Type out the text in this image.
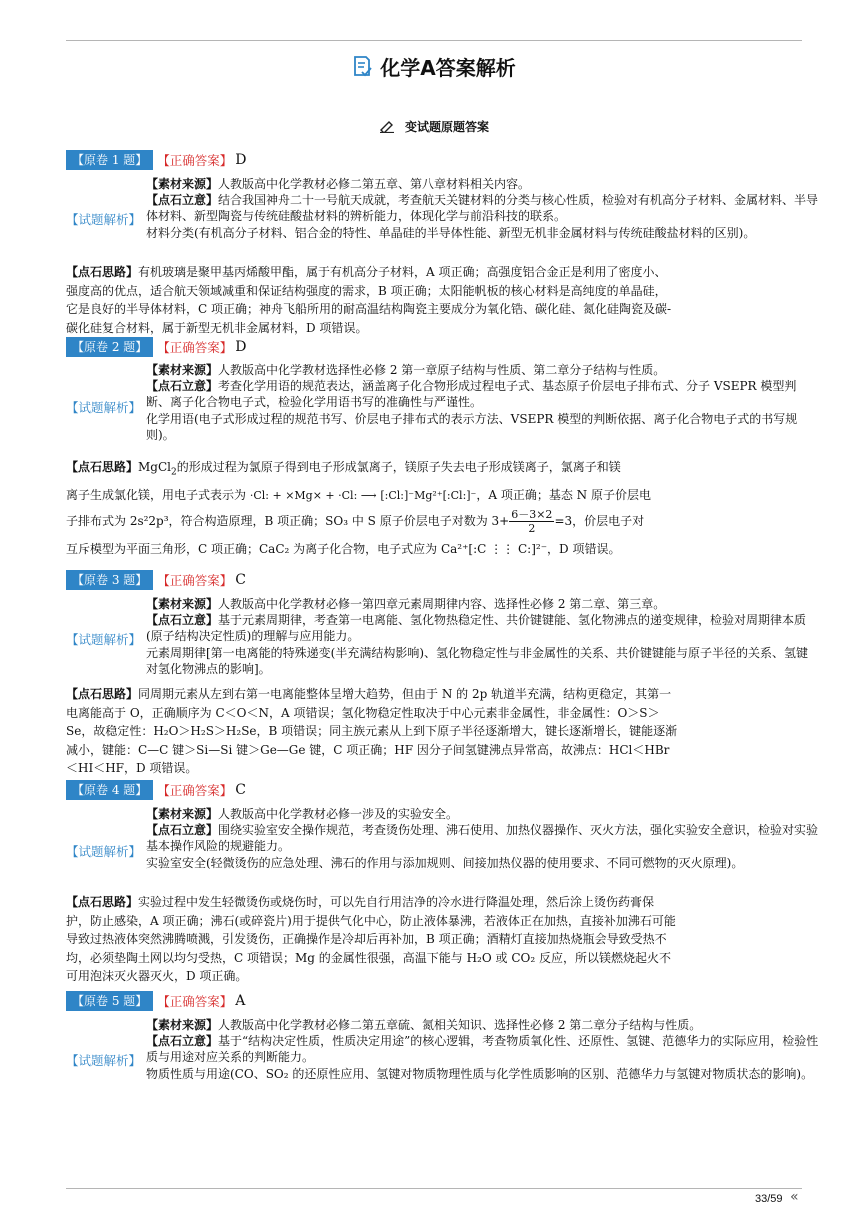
化学A答案解析
变试题原题答案
【原卷 1 题】 【正确答案】 D
【试题解析】

【素材来源】人教版高中化学教材必修二第五章、第八章材料相关内容。

【点石立意】结合我国神舟二十一号航天成就，考查航天关键材料的分类与核心性质，检验对有机高分子材料、金属材料、半导体材料、新型陶瓷与传统硅酸盐材料的辨析能力，体现化学与前沿科技的联系。

材料分类(有机高分子材料、铝合金的特性、单晶硅的半导体性能、新型无机非金属材料与传统硅酸盐材料的区别)。

【点石思路】有机玻璃是聚甲基丙烯酸甲酯，属于有机高分子材料，A 项正确；高强度铝合金正是利用了密度小、强度高的优点，适合航天领域减重和保证结构强度的需求，B 项正确；太阳能帆板的核心材料是高纯度的单晶硅，它是良好的半导体材料，C 项正确；神舟飞船所用的耐高温结构陶瓷主要成分为氧化锆、碳化硅、氮化硅陶瓷及碳-碳化硅复合材料，属于新型无机非金属材料，D 项错误。

【原卷 2 题】 【正确答案】 D
【试题解析】

【素材来源】人教版高中化学教材选择性必修 2 第一章原子结构与性质、第二章分子结构与性质。

【点石立意】考查化学用语的规范表达，涵盖离子化合物形成过程电子式、基态原子价层电子排布式、分子 VSEPR 模型判断、离子化合物电子式，检验化学用语书写的准确性与严谨性。

化学用语(电子式形成过程的规范书写、价层电子排布式的表示方法、VSEPR 模型的判断依据、离子化合物电子式的书写规则)。

【点石思路】MgCl$_2$的形成过程为氯原子得到电子形成氯离子，镁原子失去电子形成镁离子，氯离子和镁
离子生成氯化镁，用电子式表示为 ·Cl: + ×Mg× + ·Cl: ⟶ [:Cl:]⁻Mg²⁺[:Cl:]⁻，A 项正确；基态 N 原子价层电
子排布式为 2s²2p³，符合构造原理，B 项正确；SO₃ 中 S 原子价层电子对数为 $3+ \frac{6-3\times 2}{2} =3$，价层电子对
互斥模型为平面三角形，C 项正确；CaC₂ 为离子化合物，电子式应为 Ca²⁺[:C ⋮⋮ C:]²⁻，D 项错误。
【原卷 3 题】 【正确答案】 C
【试题解析】

【素材来源】人教版高中化学教材必修一第四章元素周期律内容、选择性必修 2 第二章、第三章。

【点石立意】基于元素周期律，考查第一电离能、氢化物热稳定性、共价键键能、氢化物沸点的递变规律，检验对周期律本质(原子结构决定性质)的理解与应用能力。

元素周期律[第一电离能的特殊递变(半充满结构影响)、氢化物稳定性与非金属性的关系、共价键键能与原子半径的关系、氢键对氢化物沸点的影响]。

【点石思路】同周期元素从左到右第一电离能整体呈增大趋势，但由于 N 的 2p 轨道半充满，结构更稳定，其第一电离能高于 O，正确顺序为 C＜O＜N，A 项错误；氢化物稳定性取决于中心元素非金属性，非金属性：O＞S＞Se，故稳定性：H₂O＞H₂S＞H₂Se，B 项错误；同主族元素从上到下原子半径逐渐增大，键长逐渐增长，键能逐渐减小，键能：C—C 键＞Si—Si 键＞Ge—Ge 键，C 项正确；HF 因分子间氢键沸点异常高，故沸点：HCl＜HBr＜HI＜HF，D 项错误。

【原卷 4 题】 【正确答案】 C
【试题解析】

【素材来源】人教版高中化学教材必修一涉及的实验安全。

【点石立意】围绕实验室安全操作规范，考查烫伤处理、沸石使用、加热仪器操作、灭火方法，强化实验安全意识，检验对实验基本操作风险的规避能力。

实验室安全(轻微烫伤的应急处理、沸石的作用与添加规则、间接加热仪器的使用要求、不同可燃物的灭火原理)。

【点石思路】实验过程中发生轻微烫伤或烧伤时，可以先自行用洁净的冷水进行降温处理，然后涂上烫伤药膏保护，防止感染，A 项正确；沸石(或碎瓷片)用于提供气化中心，防止液体暴沸，若液体正在加热，直接补加沸石可能导致过热液体突然沸腾喷溅，引发烫伤，正确操作是冷却后再补加，B 项正确；酒精灯直接加热烧瓶会导致受热不均，必须垫陶土网以均匀受热，C 项错误；Mg 的金属性很强，高温下能与 H₂O 或 CO₂ 反应，所以镁燃烧起火不可用泡沫灭火器灭火，D 项正确。

【原卷 5 题】 【正确答案】 A
【试题解析】

【素材来源】人教版高中化学教材必修二第五章硫、氮相关知识、选择性必修 2 第二章分子结构与性质。

【点石立意】基于“结构决定性质，性质决定用途”的核心逻辑，考查物质氧化性、还原性、氢键、范德华力的实际应用，检验性质与用途对应关系的判断能力。

物质性质与用途(CO、SO₂ 的还原性应用、氢键对物质物理性质与化学性质影响的区别、范德华力与氢键对物质状态的影响)。

33/59 «
